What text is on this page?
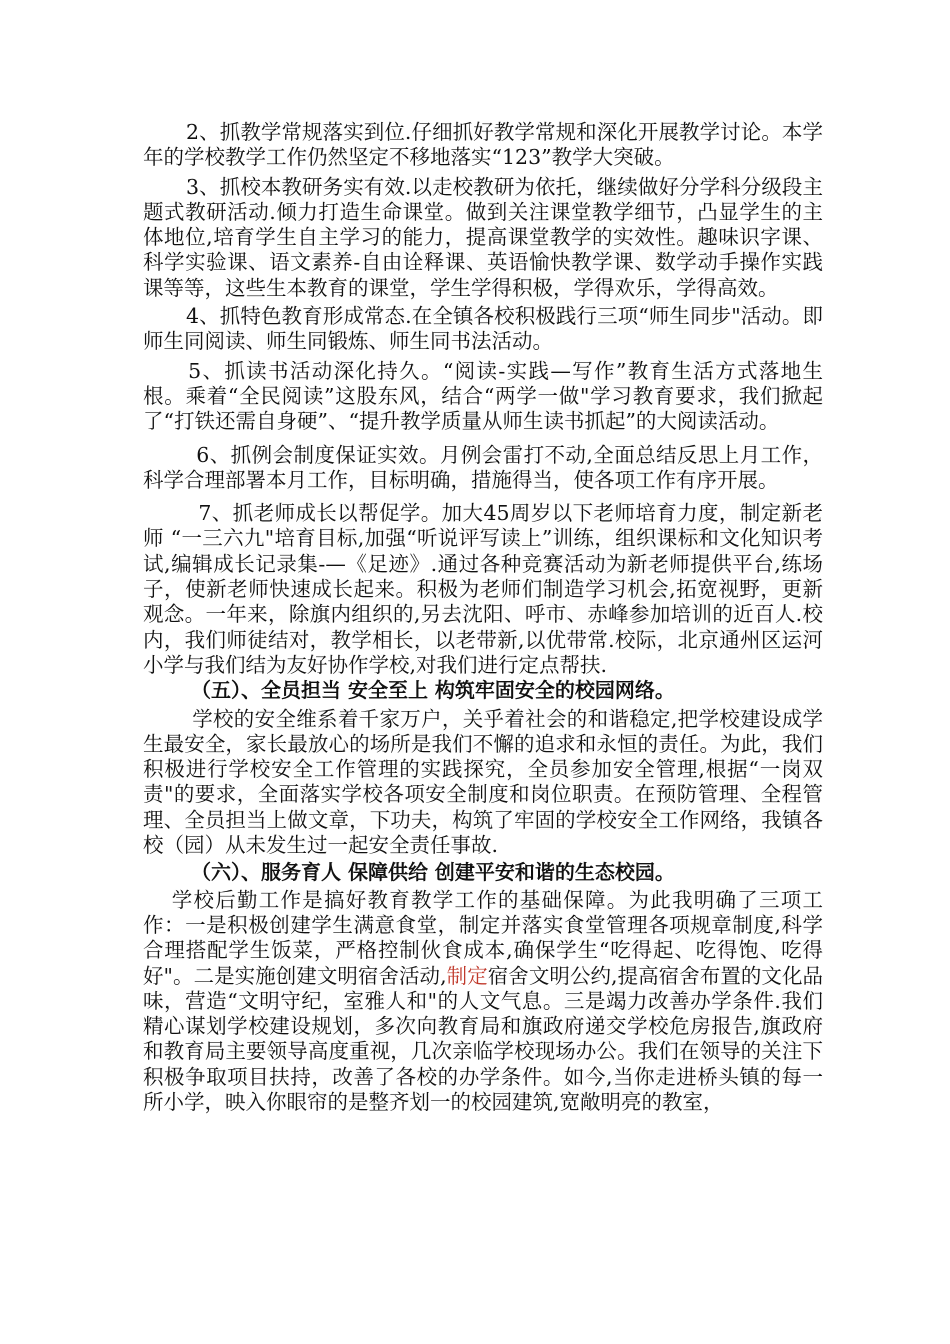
2、抓教学常规落实到位.仔细抓好教学常规和深化开展教学讨论。本学年的学校教学工作仍然坚定不移地落实“123”教学大突破。

3、抓校本教研务实有效.以走校教研为依托，继续做好分学科分级段主题式教研活动.倾力打造生命课堂。做到关注课堂教学细节，凸显学生的主体地位,培育学生自主学习的能力，提高课堂教学的实效性。趣味识字课、科学实验课、语文素养-自由诠释课、英语愉快教学课、数学动手操作实践课等等，这些生本教育的课堂，学生学得积极，学得欢乐，学得高效。

4、抓特色教育形成常态.在全镇各校积极践行三项“师生同步"活动。即师生同阅读、师生同锻炼、师生同书法活动。

5、抓读书活动深化持久。“阅读-实践—写作”教育生活方式落地生根。乘着“全民阅读”这股东风，结合“两学一做"学习教育要求，我们掀起了“打铁还需自身硬”、“提升教学质量从师生读书抓起”的大阅读活动。

6、抓例会制度保证实效。月例会雷打不动,全面总结反思上月工作，科学合理部署本月工作，目标明确，措施得当，使各项工作有序开展。

7、抓老师成长以帮促学。加大45周岁以下老师培育力度，制定新老师 “一三六九"培育目标,加强“听说评写读上”训练，组织课标和文化知识考试,编辑成长记录集-—《足迹》.通过各种竞赛活动为新老师提供平台,练场子，使新老师快速成长起来。积极为老师们制造学习机会,拓宽视野，更新观念。一年来，除旗内组织的,另去沈阳、呼市、赤峰参加培训的近百人.校内，我们师徒结对，教学相长，以老带新,以优带常.校际，北京通州区运河小学与我们结为友好协作学校,对我们进行定点帮扶.

（五）、全员担当 安全至上 构筑牢固安全的校园网络。

学校的安全维系着千家万户，关乎着社会的和谐稳定,把学校建设成学生最安全，家长最放心的场所是我们不懈的追求和永恒的责任。为此，我们积极进行学校安全工作管理的实践探究，全员参加安全管理,根据“一岗双责"的要求，全面落实学校各项安全制度和岗位职责。在预防管理、全程管理、全员担当上做文章，下功夫，构筑了牢固的学校安全工作网络，我镇各校（园）从未发生过一起安全责任事故.

（六）、服务育人 保障供给 创建平安和谐的生态校园。

学校后勤工作是搞好教育教学工作的基础保障。为此我明确了三项工作：一是积极创建学生满意食堂，制定并落实食堂管理各项规章制度,科学合理搭配学生饭菜，严格控制伙食成本,确保学生“吃得起、吃得饱、吃得好"。二是实施创建文明宿舍活动,制定宿舍文明公约,提高宿舍布置的文化品味，营造“文明守纪，室雅人和"的人文气息。三是竭力改善办学条件.我们精心谋划学校建设规划，多次向教育局和旗政府递交学校危房报告,旗政府和教育局主要领导高度重视，几次亲临学校现场办公。我们在领导的关注下积极争取项目扶持，改善了各校的办学条件。如今,当你走进桥头镇的每一所小学，映入你眼帘的是整齐划一的校园建筑,宽敞明亮的教室，
